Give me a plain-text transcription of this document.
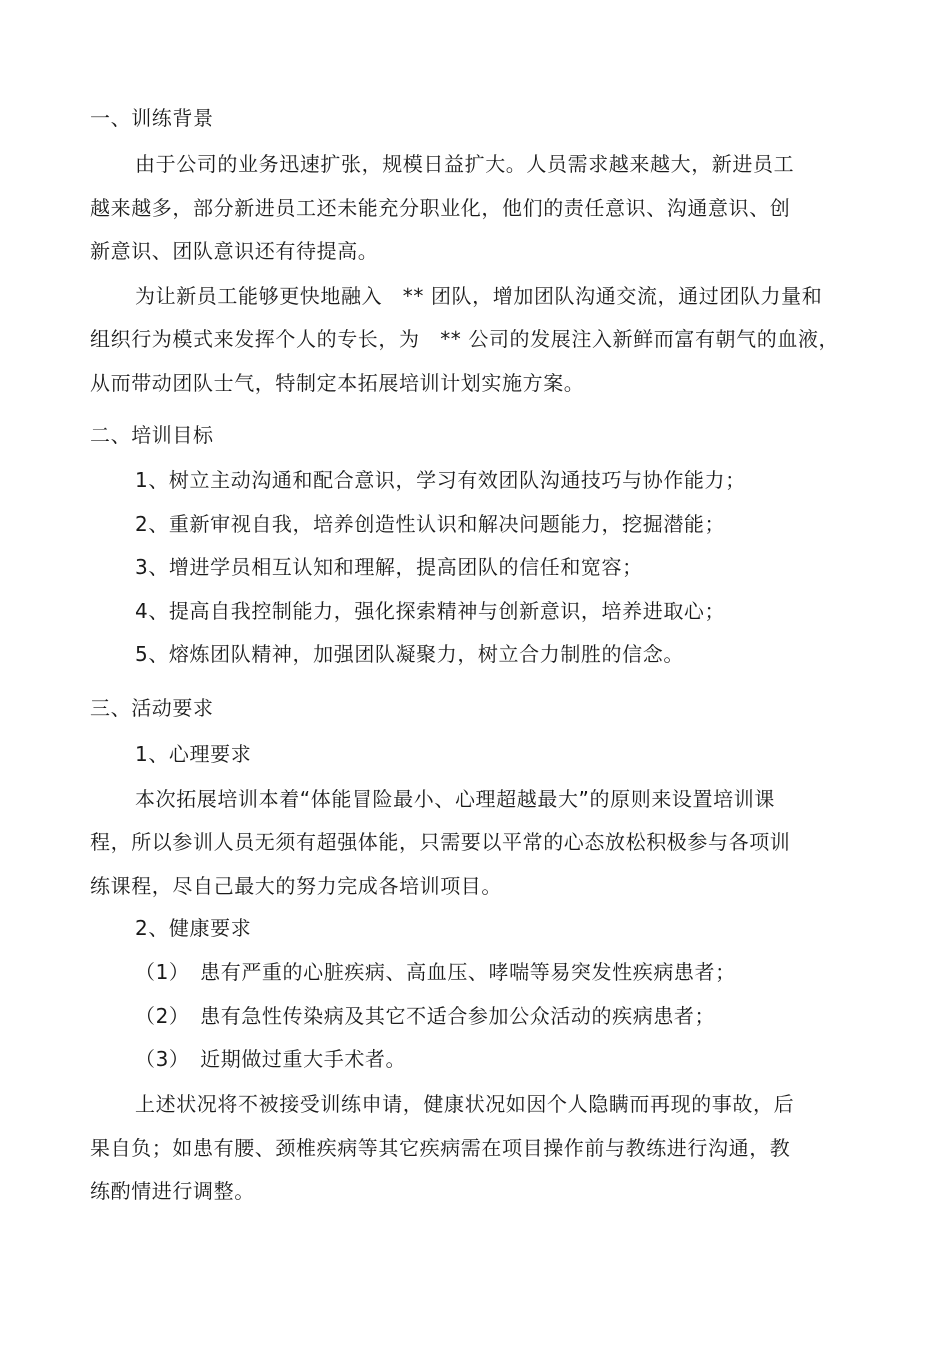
一、训练背景
由于公司的业务迅速扩张，规模日益扩大。人员需求越来越大，新进员工
越来越多，部分新进员工还未能充分职业化，他们的责任意识、沟通意识、创
新意识、团队意识还有待提高。
为让新员工能够更快地融入　** 团队，增加团队沟通交流，通过团队力量和
组织行为模式来发挥个人的专长，为　** 公司的发展注入新鲜而富有朝气的血液，
从而带动团队士气，特制定本拓展培训计划实施方案。
二、培训目标
1、树立主动沟通和配合意识，学习有效团队沟通技巧与协作能力；
2、重新审视自我，培养创造性认识和解决问题能力，挖掘潜能；
3、增进学员相互认知和理解，提高团队的信任和宽容；
4、提高自我控制能力，强化探索精神与创新意识，培养进取心；
5、熔炼团队精神，加强团队凝聚力，树立合力制胜的信念。
三、活动要求
1、心理要求
本次拓展培训本着“体能冒险最小、心理超越最大”的原则来设置培训课
程，所以参训人员无须有超强体能，只需要以平常的心态放松积极参与各项训
练课程，尽自己最大的努力完成各培训项目。
2、健康要求
（1）　患有严重的心脏疾病、高血压、哮喘等易突发性疾病患者；
（2）　患有急性传染病及其它不适合参加公众活动的疾病患者；
（3）　近期做过重大手术者。
上述状况将不被接受训练申请，健康状况如因个人隐瞒而再现的事故，后
果自负；如患有腰、颈椎疾病等其它疾病需在项目操作前与教练进行沟通，教
练酌情进行调整。
